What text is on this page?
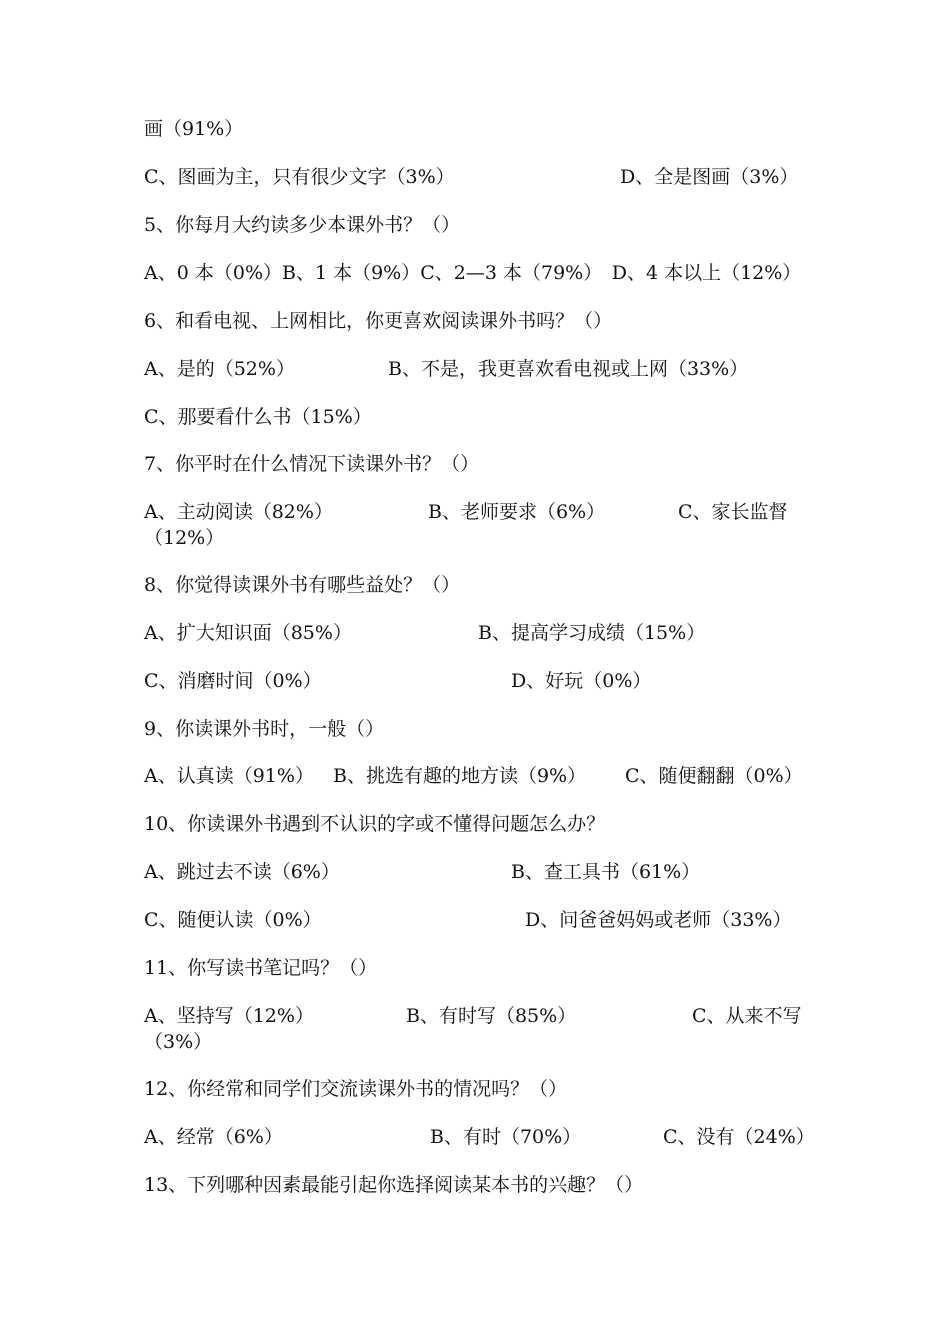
画（91%）
C、图画为主，只有很少文字（3%）	D、全是图画（3%）
5、你每月大约读多少本课外书？（）
A、0 本（0%）B、1 本（9%）C、2—3 本（79%）　D、4 本以上（12%）
6、和看电视、上网相比，你更喜欢阅读课外书吗？（）
A、是的（52%）	B、不是，我更喜欢看电视或上网（33%）
C、那要看什么书（15%）
7、你平时在什么情况下读课外书？（）
A、主动阅读（82%）	B、老师要求（6%）	C、家长监督
（12%）
8、你觉得读课外书有哪些益处？（）
A、扩大知识面（85%）	B、提高学习成绩（15%）
C、消磨时间（0%）	D、好玩（0%）
9、你读课外书时，一般（）
A、认真读（91%） B、挑选有趣的地方读（9%） C、随便翻翻（0%）
10、你读课外书遇到不认识的字或不懂得问题怎么办？
A、跳过去不读（6%）	B、查工具书（61%）
C、随便认读（0%）	D、问爸爸妈妈或老师（33%）
11、你写读书笔记吗？（）
A、坚持写（12%）	B、有时写（85%）	C、从来不写
（3%）
12、你经常和同学们交流读课外书的情况吗？（）
A、经常（6%）	B、有时（70%）	C、没有（24%）
13、下列哪种因素最能引起你选择阅读某本书的兴趣？（）
